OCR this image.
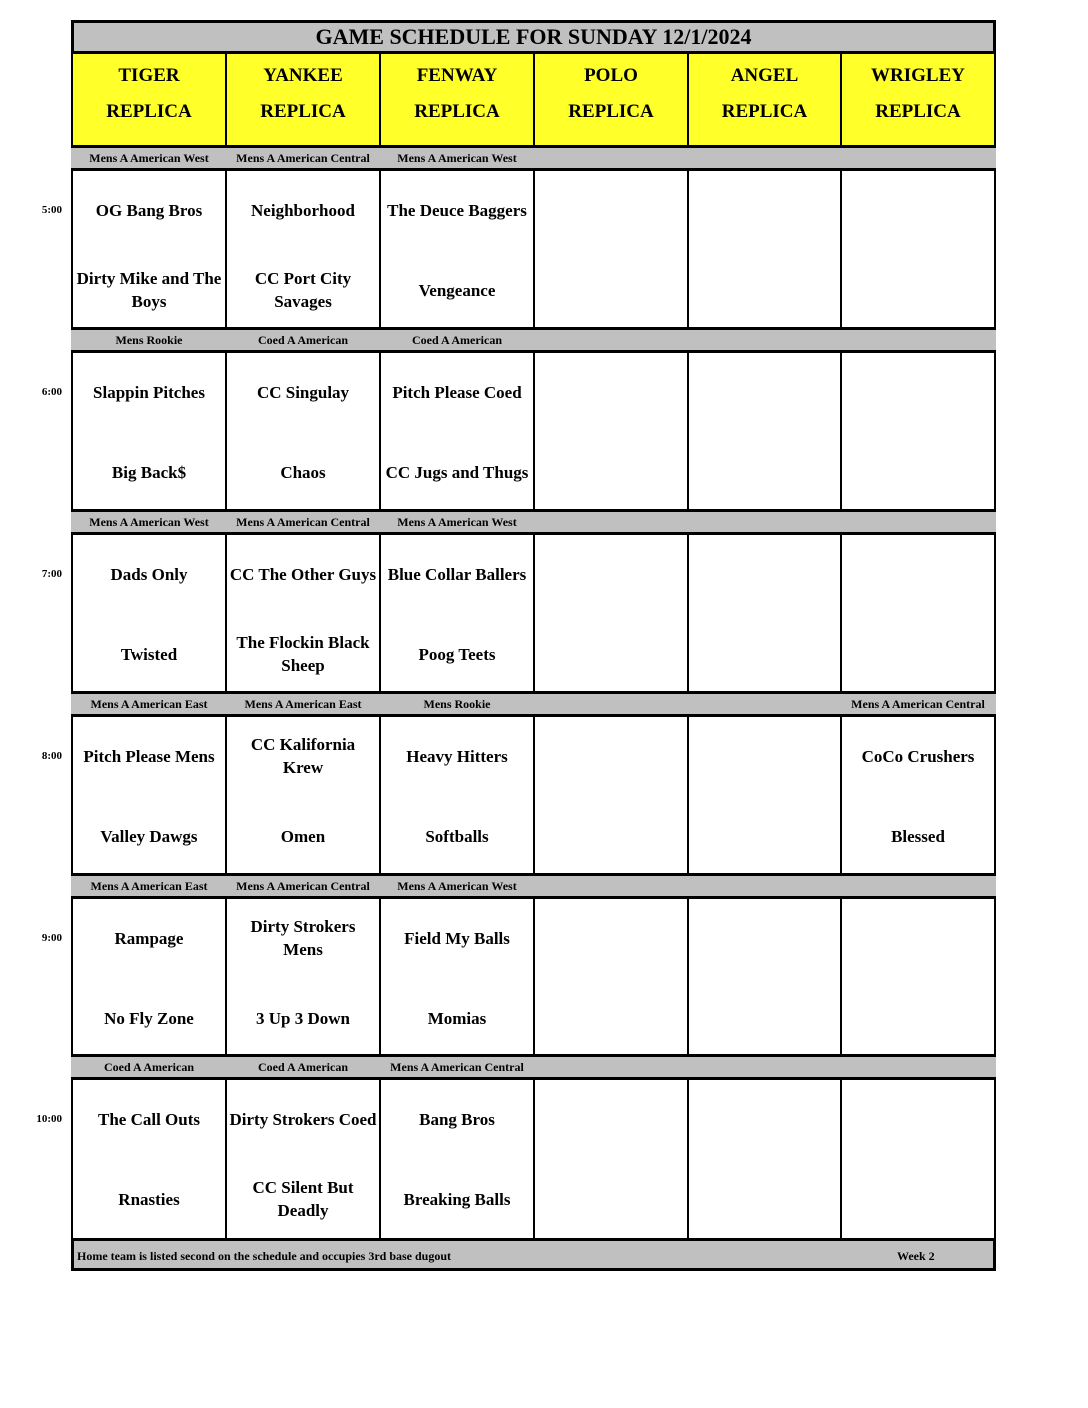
TIGER
REPLICA
YANKEE
REPLICA
FENWAY
REPLICA
POLO
REPLICA
ANGEL
REPLICA
WRIGLEY
REPLICA
5:00
Mens A American West
OG Bang Bros
Dirty Mike and The Boys
Mens A American Central
Neighborhood
CC Port City Savages
Mens A American West
The Deuce Baggers
Vengeance
6:00
Mens Rookie
Slappin Pitches
Big Back$
Coed A American
CC Singulay
Chaos
Coed A American
Pitch Please Coed
CC Jugs and Thugs
7:00
Mens A American West
Dads Only
Twisted
Mens A American Central
CC The Other Guys
The Flockin Black Sheep
Mens A American West
Blue Collar Ballers
Poog Teets
8:00
Mens A American East
Pitch Please Mens
Valley Dawgs
Mens A American East
CC Kalifornia Krew
Omen
Mens Rookie
Heavy Hitters
Softballs
Mens A American Central
CoCo Crushers
Blessed
9:00
Mens A American East
Rampage
No Fly Zone
Mens A American Central
Dirty Strokers Mens
3 Up 3 Down
Mens A American West
Field My Balls
Momias
10:00
Coed A American
The Call Outs
Rnasties
Coed A American
Dirty Strokers Coed
CC Silent But Deadly
Mens A American Central
Bang Bros
Breaking Balls
GAME SCHEDULE FOR SUNDAY 12/1/2024
Home team is listed second on the schedule and occupies 3rd base dugout	Week 2
